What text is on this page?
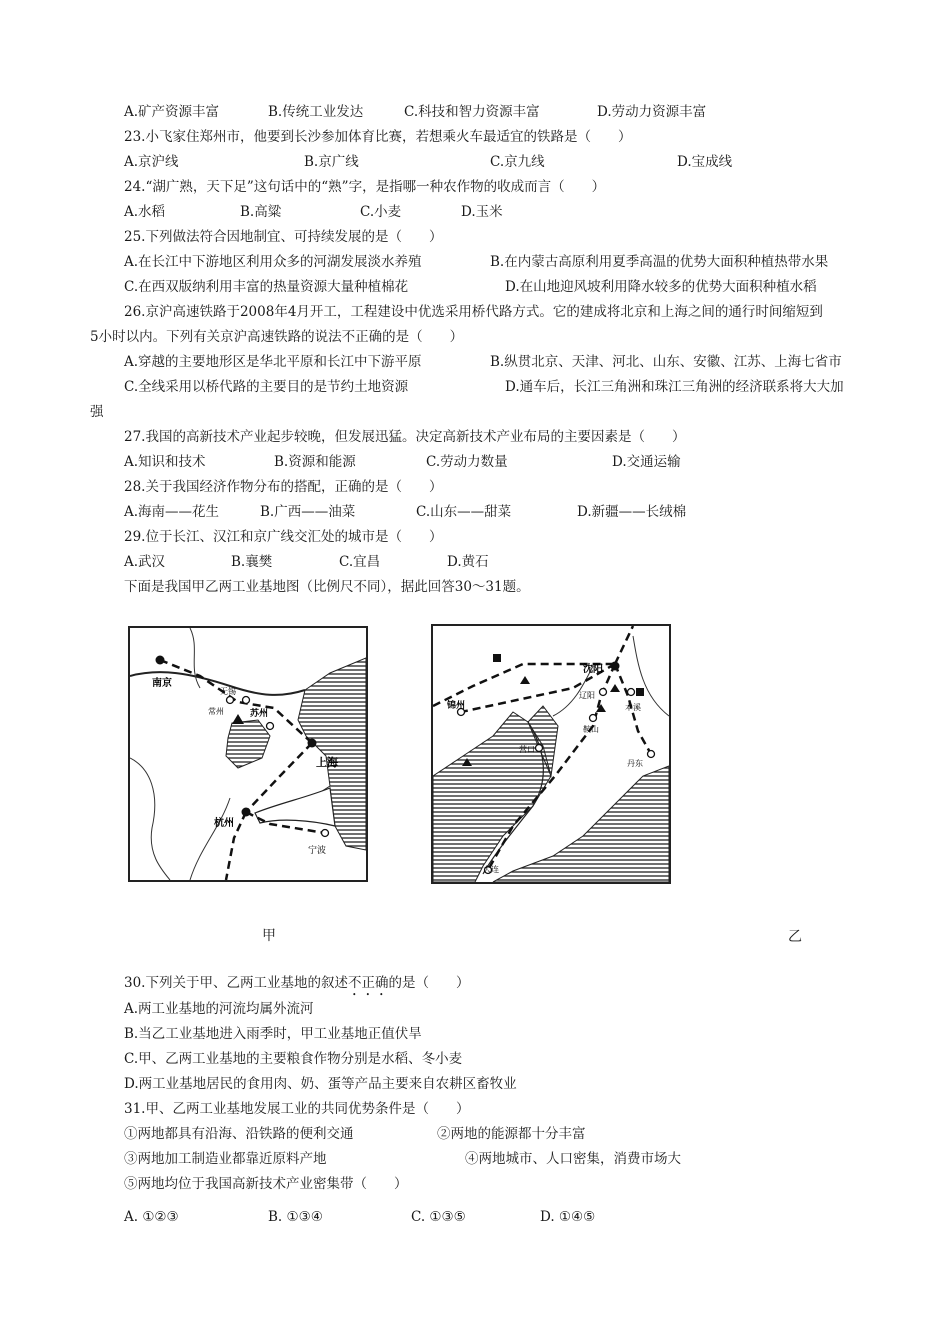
A.矿产资源丰富	B.传统工业发达	C.科技和智力资源丰富	D.劳动力资源丰富
23.小飞家住郑州市，他要到长沙参加体育比赛，若想乘火车最适宜的铁路是（　　）
A.京沪线	B.京广线	C.京九线	D.宝成线
24.“湖广熟，天下足”这句话中的“熟”字，是指哪一种农作物的收成而言（　　）
A.水稻	B.高粱	C.小麦	D.玉米
25.下列做法符合因地制宜、可持续发展的是（　　）
A.在长江中下游地区利用众多的河湖发展淡水养殖	B.在内蒙古高原利用夏季高温的优势大面积种植热带水果
C.在西双版纳利用丰富的热量资源大量种植棉花	D.在山地迎风坡利用降水较多的优势大面积种植水稻
26.京沪高速铁路于2008年4月开工，工程建设中优选采用桥代路方式。它的建成将北京和上海之间的通行时间缩短到
5小时以内。下列有关京沪高速铁路的说法不正确的是（　　）
A.穿越的主要地形区是华北平原和长江中下游平原	B.纵贯北京、天津、河北、山东、安徽、江苏、上海七省市
C.全线采用以桥代路的主要目的是节约土地资源	D.通车后，长江三角洲和珠江三角洲的经济联系将大大加
强
27.我国的高新技术产业起步较晚，但发展迅猛。决定高新技术产业布局的主要因素是（　　）
A.知识和技术	B.资源和能源	C.劳动力数量	D.交通运输
28.关于我国经济作物分布的搭配，正确的是（　　）
A.海南——花生	B.广西——油菜	C.山东——甜菜	D.新疆——长绒棉
29.位于长江、汉江和京广线交汇处的城市是（　　）
A.武汉	B.襄樊	C.宜昌	D.黄石
下面是我国甲乙两工业基地图（比例尺不同），据此回答30～31题。
南京
常州
无锡
苏州
上海
杭州
宁波
沈阳
锦州
辽阳
本溪
鞍山
营口
丹东
大连
甲	乙
30.下列关于甲、乙两工业基地的叙述不正确的是（　　）
A.两工业基地的河流均属外流河
B.当乙工业基地进入雨季时，甲工业基地正值伏旱
C.甲、乙两工业基地的主要粮食作物分别是水稻、冬小麦
D.两工业基地居民的食用肉、奶、蛋等产品主要来自农耕区畜牧业
31.甲、乙两工业基地发展工业的共同优势条件是（　　）
①两地都具有沿海、沿铁路的便利交通	②两地的能源都十分丰富
③两地加工制造业都靠近原料产地	④两地城市、人口密集，消费市场大
⑤两地均位于我国高新技术产业密集带（　　）
A. ①②③	B. ①③④	C. ①③⑤	D. ①④⑤
